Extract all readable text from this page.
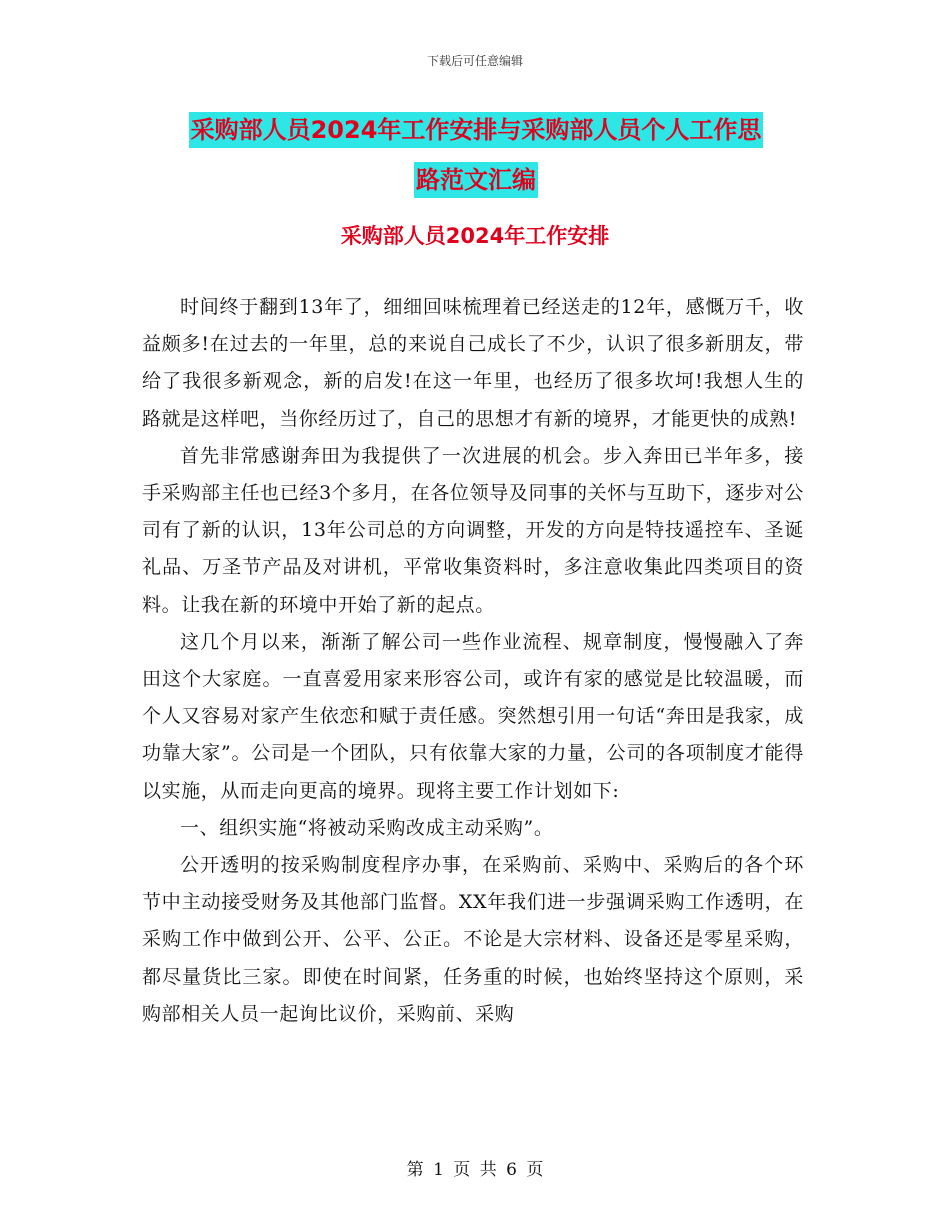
下载后可任意编辑
采购部人员2024年工作安排与采购部人员个人工作思
路范文汇编
采购部人员2024年工作安排

时间终于翻到13年了，细细回味梳理着已经送走的12年，感慨万千，收益颇多!在过去的一年里，总的来说自己成长了不少，认识了很多新朋友，带给了我很多新观念，新的启发!在这一年里，也经历了很多坎坷!我想人生的路就是这样吧，当你经历过了，自己的思想才有新的境界，才能更快的成熟!

首先非常感谢奔田为我提供了一次进展的机会。步入奔田已半年多，接手采购部主任也已经3个多月，在各位领导及同事的关怀与互助下，逐步对公司有了新的认识，13年公司总的方向调整，开发的方向是特技遥控车、圣诞礼品、万圣节产品及对讲机，平常收集资料时，多注意收集此四类项目的资料。让我在新的环境中开始了新的起点。

这几个月以来，渐渐了解公司一些作业流程、规章制度，慢慢融入了奔田这个大家庭。一直喜爱用家来形容公司，或许有家的感觉是比较温暖，而个人又容易对家产生依恋和赋于责任感。突然想引用一句话“奔田是我家，成功靠大家”。公司是一个团队，只有依靠大家的力量，公司的各项制度才能得以实施，从而走向更高的境界。现将主要工作计划如下:

一、组织实施“将被动采购改成主动采购”。

公开透明的按采购制度程序办事，在采购前、采购中、采购后的各个环节中主动接受财务及其他部门监督。XX年我们进一步强调采购工作透明，在采购工作中做到公开、公平、公正。不论是大宗材料、设备还是零星采购，都尽量货比三家。即使在时间紧，任务重的时候，也始终坚持这个原则，采购部相关人员一起询比议价，采购前、采购

第 1 页 共 6 页
